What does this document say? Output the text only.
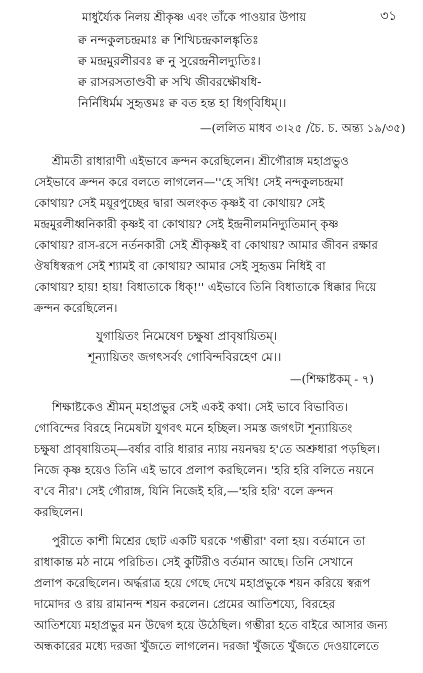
মাধুর্য্যৈক নিলয় শ্রীকৃষ্ণ এবং তাঁকে পাওয়ার উপায়	৩১
ক্ব নন্দকুলচন্দ্রমাঃ ক্ব শিখিচন্দ্রকালঙ্কৃতিঃ
ক্ব মন্দ্রমুরলীরবঃ ক্ব নু সুরেন্দ্রনীলদ্যুতিঃ।
ক্ব রাসরসতাণ্ডবী ক্ব সখি জীবরক্ষৌষধি-
নির্নিধির্মম সুহৃত্তমঃ ক্ব বত হন্ত হা ধিগ্‌বিধিম্।।
—(ললিত মাধব ৩।২৫ /চৈ. চ. অন্ত্য ১৯/৩৫)
শ্রীমতী রাধারাণী এইভাবে ক্রন্দন করেছিলেন। শ্রীগৌরাঙ্গ মহাপ্রভুও
সেইভাবে ক্রন্দন করে বলতে লাগলেন—''হে সখি! সেই নন্দকুলচন্দ্রমা
কোথায়? সেই ময়ূরপুচ্ছের দ্বারা অলংকৃত কৃষ্ণই বা কোথায়? সেই
মন্দ্রমুরলীধ্বনিকারী কৃষ্ণই বা কোথায়? সেই ইন্দ্রনীলমনিদ্যুতিমান্‌ কৃষ্ণ
কোথায়? রাস-রসে নর্তনকারী সেই শ্রীকৃষ্ণই বা কোথায়? আমার জীবন রক্ষার
ঔষধিস্বরূপ সেই শ্যামই বা কোথায়? আমার সেই সুহৃত্তম নিধিই বা
কোথায়? হায়! হায়! বিধাতাকে ধিক্‌!'' এইভাবে তিনি বিধাতাকে ধিক্কার দিয়ে
ক্রন্দন করেছিলেন।
যুগায়িতং নিমেষেণ চক্ষুষা প্রাবৃষায়িতম্‌।
শূন্যায়িতং জগৎসর্বং গোবিন্দবিরহেণ মে।।
—(শিক্ষাষ্টকম্‌ - ৭)
শিক্ষাষ্টকেও শ্রীমন্‌ মহাপ্রভুর সেই একই কথা। সেই ভাবে বিভাবিত।
গোবিন্দের বিরহে নিমেষটা যুগবৎ মনে হচ্ছিল। সমস্ত জগৎটা শূন্যায়িতং
চক্ষুষা প্রাবৃষায়িতম্‌—বর্ষার বারি ধারার ন্যায় নয়নদ্বয় হ'তে অশ্রুধারা পড়ছিল।
নিজে কৃষ্ণ হয়েও তিনি এই ভাবে প্রলাপ করছিলেন। 'হরি হরি বলিতে নয়নে
ব'বে নীর'। সেই গৌরাঙ্গ, যিনি নিজেই হরি,—'হরি হরি' বলে ক্রন্দন
করছিলেন।
পুরীতে কাশী মিশ্রের ছোট একটি ঘরকে 'গম্ভীরা' বলা হয়। বর্তমানে তা
রাধাকান্ত মঠ নামে পরিচিত। সেই কুটিরীও বর্তমান আছে। তিনি সেখানে
প্রলাপ করেছিলেন। অর্দ্ধরাত্র হয়ে গেছে দেখে মহাপ্রভুকে শয়ন করিয়ে স্বরূপ
দামোদর ও রায় রামানন্দ শয়ন করলেন। প্রেমের আতিশয্যে, বিরহের
আতিশয্যে মহাপ্রভুর মন উদ্বেগ হয়ে উঠেছিল। গম্ভীরা হতে বাইরে আসার জন্য
অন্ধকারের মধ্যে দরজা খুঁজতে লাগলেন। দরজা খুঁজতে খুঁজতে দেওয়ালেতে
